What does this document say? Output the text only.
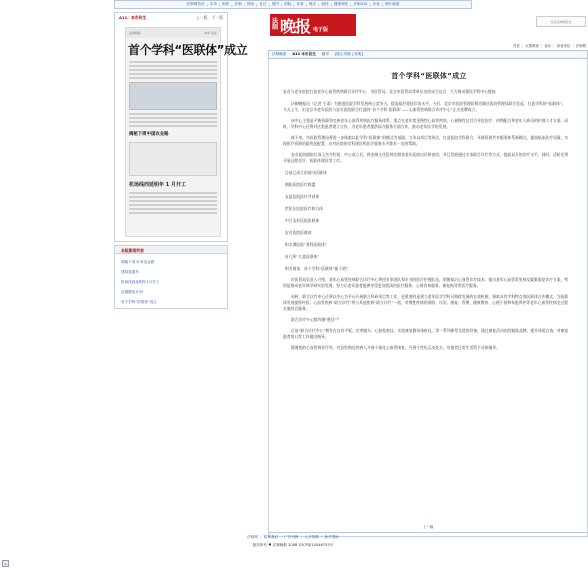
法制网首页 | 本市 | 组织 | 法制 | 热线 | 社区 | 国内 | 国际 | 体育 | 娱乐 | 财经 | 健康两性 | 法制315 | 评论 | 图片频道
A11：本市民生	上一版 下一版
法制晚报	本市 民生
首个学科“医联体”成立
揭秘下周中国农业路
机场线西延明年 1 月开工
本版新闻列表
揭秘下周 叶家农业路
建筑盒道车
机场线西延明年1月开工
近期降电计划
首个学科“医联体”成立
法制 晚报 电子版
北京法制晚报社
首页 ｜ 反馈调查 ｜ 论坛 ｜ 读者来信 ｜ 法制网
法制晚报 A11 本市民生 版号 [版主导航 | 说明]
首个学科“医联体”成立
安贞与老年医院打造老年心血管疾病联合诊疗中心　市医管局、北京市医管局等单位出席成立仪式　大力推动建设学科中心链接

法制晚报讯（记者 王诺）为推进医院学科发展核心竞争力，提高基层重症诊治水平，今后，北京市医院管理局和西城区医院管理局联合发起，打造学科的“医联体”。今天上午，由北京市老年医院与安贞医院联合打造的“首个学科‘医联体’——心血管疾病联合诊疗中心”正式挂牌成立。

该中心主要是平衡资源和完善老年心血管疾病医疗服务体系，重点在老年常见慢性心血管疾病，心衰慢性及其合并症治疗、药物配合和老年人病员的护理人才方面，同时，学科中心还将对这类患者建立合作，为老年患者提供综合服务方面合作，推动老年医学的发展。

接下来，市医院管理局将进一步探索以此学科“医联体”的模式为基础，力争以项目等形式，打造医院学科联合，开辟资源共享服务体系新模式，提高临床医疗质量。实现医疗资源的最优化配置，这对医院的学科建设和医疗服务水平都有一定的帮助。

安贞医院副院长周玉杰介绍说，中心成立后，将安排主任医师定期来老年医院出诊和查房，并且发展通过专家联合诊疗等方式，提高双方的诊疗水平，同时，适时还将开展远程会诊、医联体建设等工作。

目前已成立的部分医联体

朝阳医院医疗联盟

友谊医院医疗共同体

世纪坛医院医疗联合体

中日友好医院医联体

安贞医院医联体

积水潭医院“骨科医联体”

首儿所“儿童医联体”

相关阅读　首个学科“医联体”能干啥？

市医管局负责人介绍，老年心血管疾病联合诊疗中心将用专家团队和专业的医疗护理队伍，掌握前沿心血管诊疗技术，提出老年心血管常见病及疑难重症诊疗方案，特别是推动老年病学研究的发展。努力让老年患者能够享受更加优质的医疗服务、心理咨询服务、康复指导等医疗服务。

同时，联合诊疗中心还将以中心为平台开展联合科研项目等工作，更重要的是建立老年医学学科可持续发展的长效机制，探索具有学科特点的医联体合作模式，为医联体发展提供经验；心血管疾病“联合诊疗”将与其他疾病“联合诊疗”一道，对慢性疾病的预防、诊治、康复、管理、健康教育、心理干预和家庭养护等老年心血管疾病全过程实施综合服务。

联合诊疗中心都有哪“绝活”？

目前“联合诊疗中心”拥有在自有平板、功率跟车、心脏检查仪、实验康复腾讯体析仪、等一系列新型先进的设备，通过康复活动出院锻炼品牌、提升体质自查，对康复患者的日常工作做出指导。

除聚焦的心血管病诊疗外，对急性期后的病人开展个体化心血管康复，开展个性化运动处方，对患者日常生活给予具体指导。

上一篇
法制网 ｜ 联系我们 ｜ 广告刊例 ｜ 人才招聘 ｜ 新手帮助
版权所有 ♥ 法制晚报 2008 京ICP备10046752号
⌂
